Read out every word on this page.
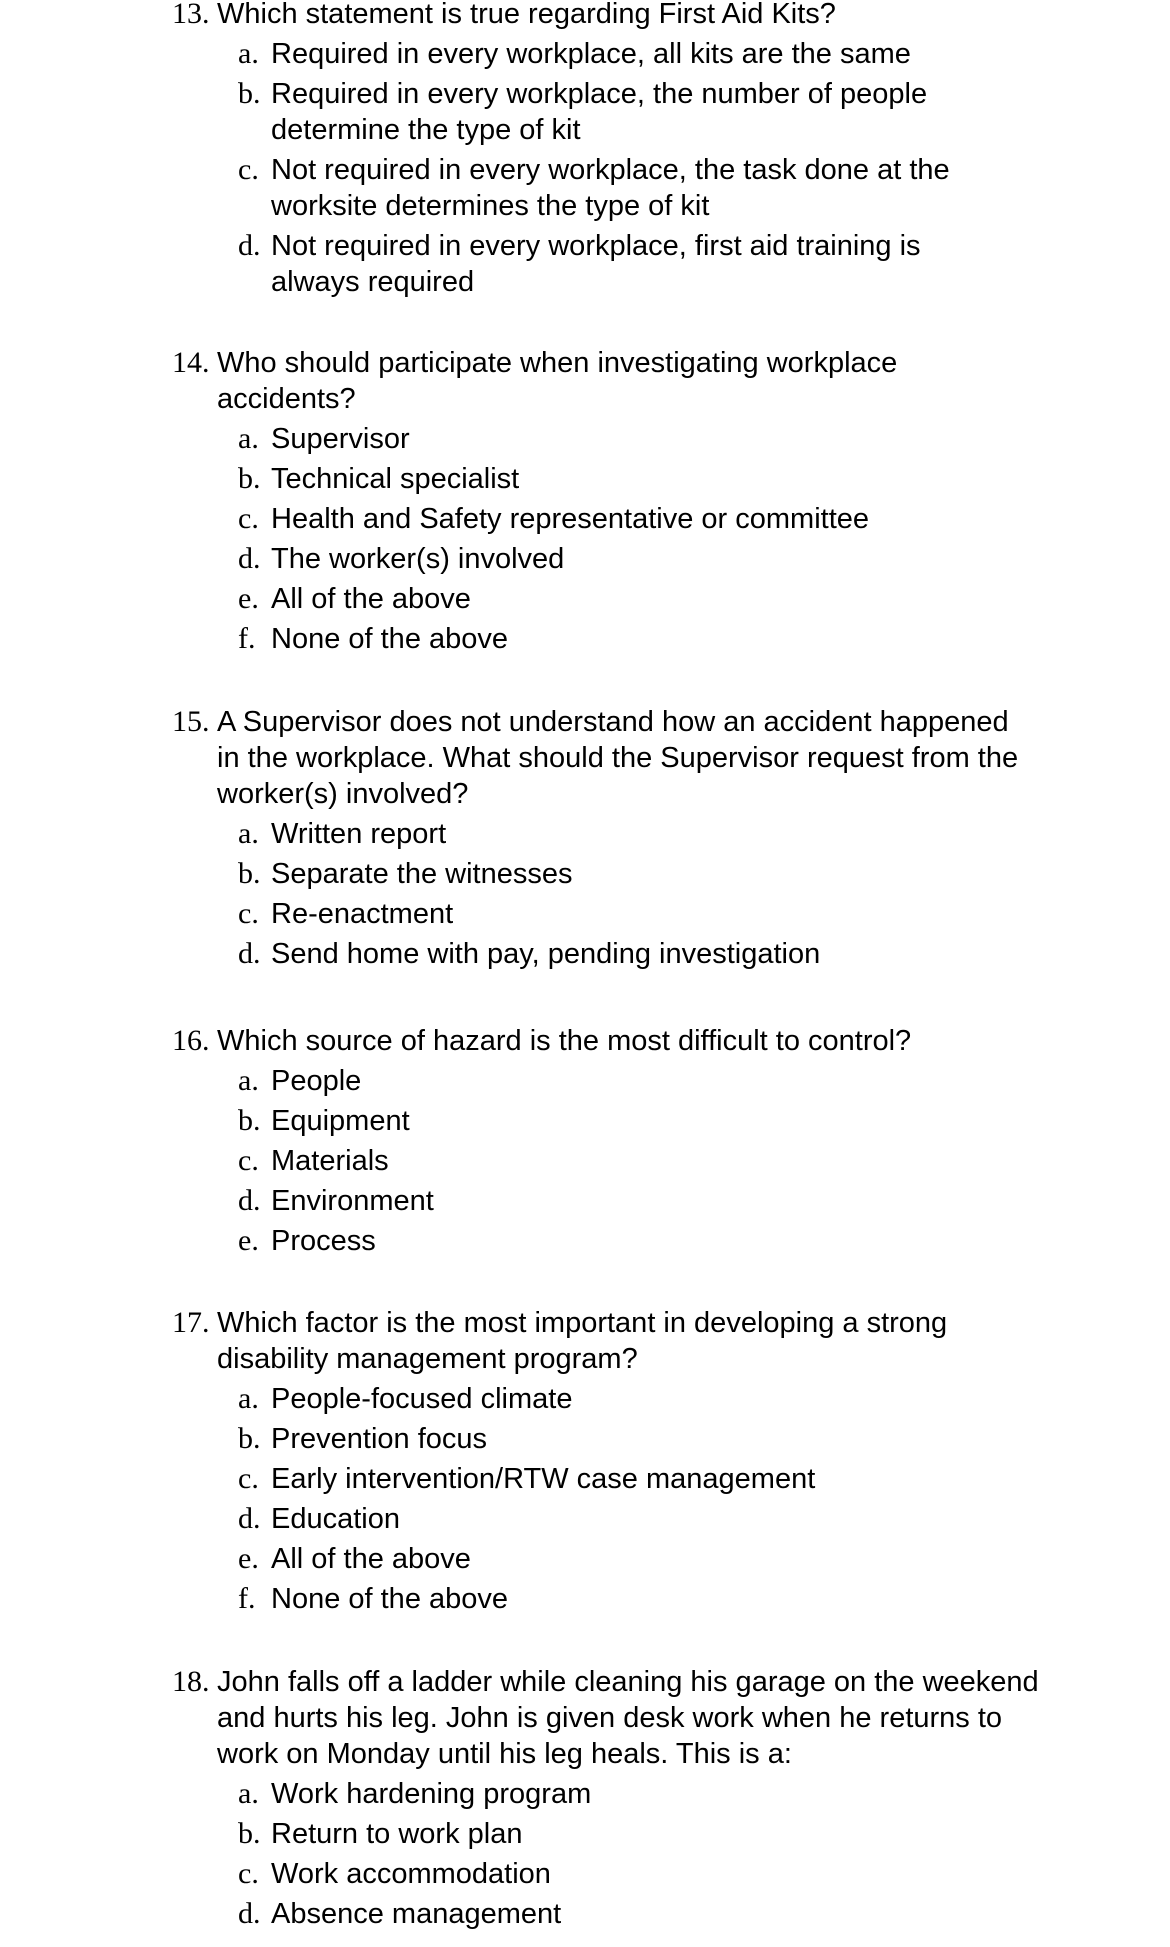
13. Which statement is true regarding First Aid Kits?
a. Required in every workplace, all kits are the same
b. Required in every workplace, the number of people determine the type of kit
c. Not required in every workplace, the task done at the worksite determines the type of kit
d. Not required in every workplace, first aid training is always required
14. Who should participate when investigating workplace accidents?
a. Supervisor
b. Technical specialist
c. Health and Safety representative or committee
d. The worker(s) involved
e. All of the above
f. None of the above
15. A Supervisor does not understand how an accident happened in the workplace. What should the Supervisor request from the worker(s) involved?
a. Written report
b. Separate the witnesses
c. Re-enactment
d. Send home with pay, pending investigation
16. Which source of hazard is the most difficult to control?
a. People
b. Equipment
c. Materials
d. Environment
e. Process
17. Which factor is the most important in developing a strong disability management program?
a. People-focused climate
b. Prevention focus
c. Early intervention/RTW case management
d. Education
e. All of the above
f. None of the above
18. John falls off a ladder while cleaning his garage on the weekend and hurts his leg. John is given desk work when he returns to work on Monday until his leg heals. This is a:
a. Work hardening program
b. Return to work plan
c. Work accommodation
d. Absence management
